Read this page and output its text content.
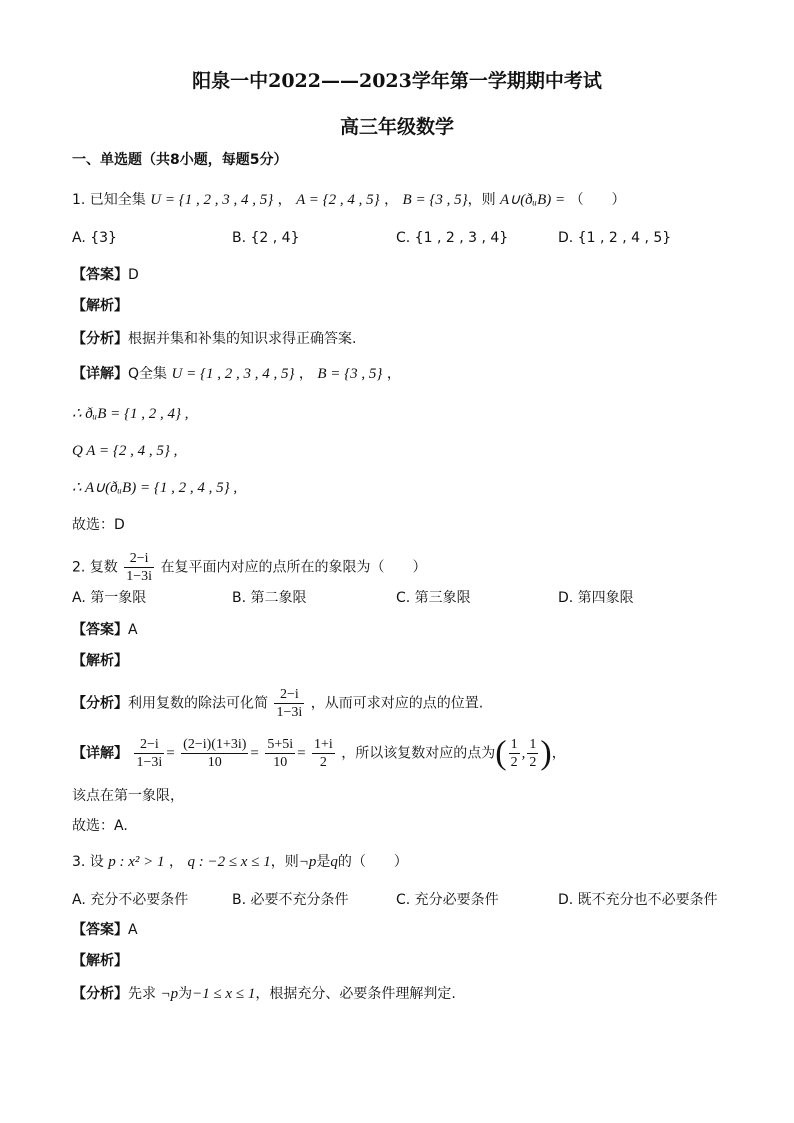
阳泉一中2022——2023学年第一学期期中考试
高三年级数学
一、单选题（共8小题，每题5分）
1. 已知全集 U = {1 , 2 , 3 , 4 , 5} ， A = {2 , 4 , 5} ， B = {3 , 5}，则 A∪(ðᵤB) = （　　）
A. {3}	B. {2 , 4}	C. {1 , 2 , 3 , 4}	D. {1 , 2 , 4 , 5}
【答案】D
【解析】
【分析】根据并集和补集的知识求得正确答案.
【详解】Q全集 U = {1 , 2 , 3 , 4 , 5} ， B = {3 , 5} ，
∴ ðᵤB = {1 , 2 , 4} ,
Q A = {2 , 4 , 5} ,
∴ A∪(ðᵤB) = {1 , 2 , 4 , 5} ,
故选：D
2. 复数 $\frac{2-i}{1-3i}$ 在复平面内对应的点所在的象限为（　　）
A. 第一象限	B. 第二象限	C. 第三象限	D. 第四象限
【答案】A
【解析】
【分析】利用复数的除法可化简 $\frac{2-i}{1-3i}$ ，从而可求对应的点的位置.
【详解】 $\frac{2-i}{1-3i} = \frac{(2-i)(1+3i)}{10} = \frac{5+5i}{10} = \frac{1+i}{2}$ ，所以该复数对应的点为( $\frac{1}{2}$ , $\frac{1}{2}$ )，
该点在第一象限，
故选：A.
3. 设 p : x² > 1 ， q : −2 ≤ x ≤ 1，则¬p是q的（　　）
A. 充分不必要条件	B. 必要不充分条件	C. 充分必要条件	D. 既不充分也不必要条件
【答案】A
【解析】
【分析】先求 ¬p为−1 ≤ x ≤ 1，根据充分、必要条件理解判定.
